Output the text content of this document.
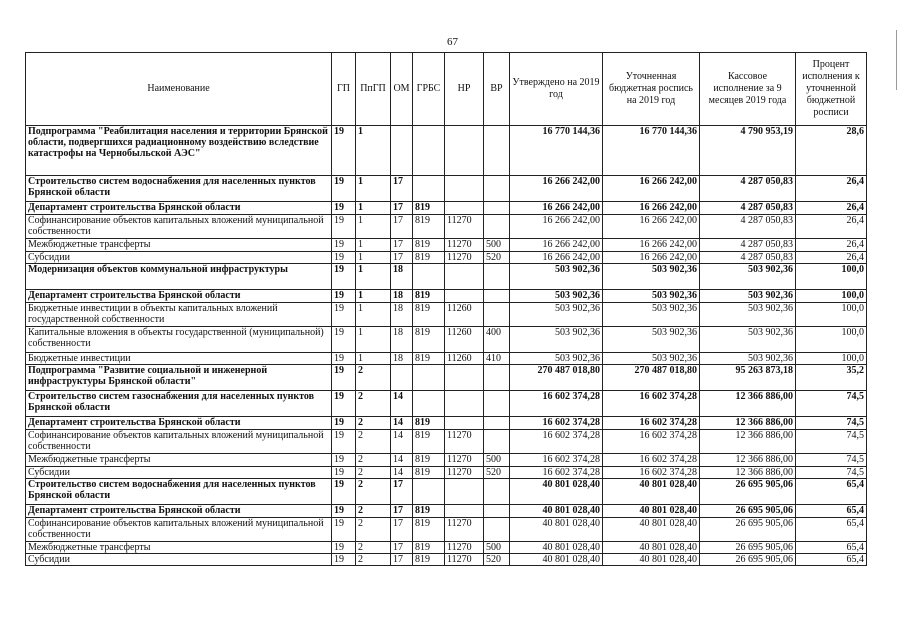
67
Наименование	ГП	ПпГП	ОМ	ГРБС	НР	ВР	Утверждено на 2019 год	Уточненная бюджетная роспись на 2019 год	Кассовое исполнение за 9 месяцев 2019 года	Процент исполнения к уточненной бюджетной росписи
Подпрограмма "Реабилитация населения и территории Брянской области, подвергшихся радиационному воздействию вследствие катастрофы на Чернобыльской АЭС"	19	1					16 770 144,36	16 770 144,36	4 790 953,19	28,6
Строительство систем водоснабжения для населенных пунктов Брянской области	19	1	17				16 266 242,00	16 266 242,00	4 287 050,83	26,4
Департамент строительства Брянской области	19	1	17	819			16 266 242,00	16 266 242,00	4 287 050,83	26,4
Софинансирование объектов капитальных вложений муниципальной собственности	19	1	17	819	11270		16 266 242,00	16 266 242,00	4 287 050,83	26,4
Межбюджетные трансферты	19	1	17	819	11270	500	16 266 242,00	16 266 242,00	4 287 050,83	26,4
Субсидии	19	1	17	819	11270	520	16 266 242,00	16 266 242,00	4 287 050,83	26,4
Модернизация объектов коммунальной инфраструктуры	19	1	18				503 902,36	503 902,36	503 902,36	100,0
Департамент строительства Брянской области	19	1	18	819			503 902,36	503 902,36	503 902,36	100,0
Бюджетные инвестиции в объекты капитальных вложений государственной собственности	19	1	18	819	11260		503 902,36	503 902,36	503 902,36	100,0
Капитальные вложения в объекты государственной (муниципальной) собственности	19	1	18	819	11260	400	503 902,36	503 902,36	503 902,36	100,0
Бюджетные инвестиции	19	1	18	819	11260	410	503 902,36	503 902,36	503 902,36	100,0
Подпрограмма "Развитие социальной и инженерной инфраструктуры Брянской области"	19	2					270 487 018,80	270 487 018,80	95 263 873,18	35,2
Строительство систем газоснабжения для населенных пунктов Брянской области	19	2	14				16 602 374,28	16 602 374,28	12 366 886,00	74,5
Департамент строительства Брянской области	19	2	14	819			16 602 374,28	16 602 374,28	12 366 886,00	74,5
Софинансирование объектов капитальных вложений муниципальной собственности	19	2	14	819	11270		16 602 374,28	16 602 374,28	12 366 886,00	74,5
Межбюджетные трансферты	19	2	14	819	11270	500	16 602 374,28	16 602 374,28	12 366 886,00	74,5
Субсидии	19	2	14	819	11270	520	16 602 374,28	16 602 374,28	12 366 886,00	74,5
Строительство систем водоснабжения для населенных пунктов Брянской области	19	2	17				40 801 028,40	40 801 028,40	26 695 905,06	65,4
Департамент строительства Брянской области	19	2	17	819			40 801 028,40	40 801 028,40	26 695 905,06	65,4
Софинансирование объектов капитальных вложений муниципальной собственности	19	2	17	819	11270		40 801 028,40	40 801 028,40	26 695 905,06	65,4
Межбюджетные трансферты	19	2	17	819	11270	500	40 801 028,40	40 801 028,40	26 695 905,06	65,4
Субсидии	19	2	17	819	11270	520	40 801 028,40	40 801 028,40	26 695 905,06	65,4
